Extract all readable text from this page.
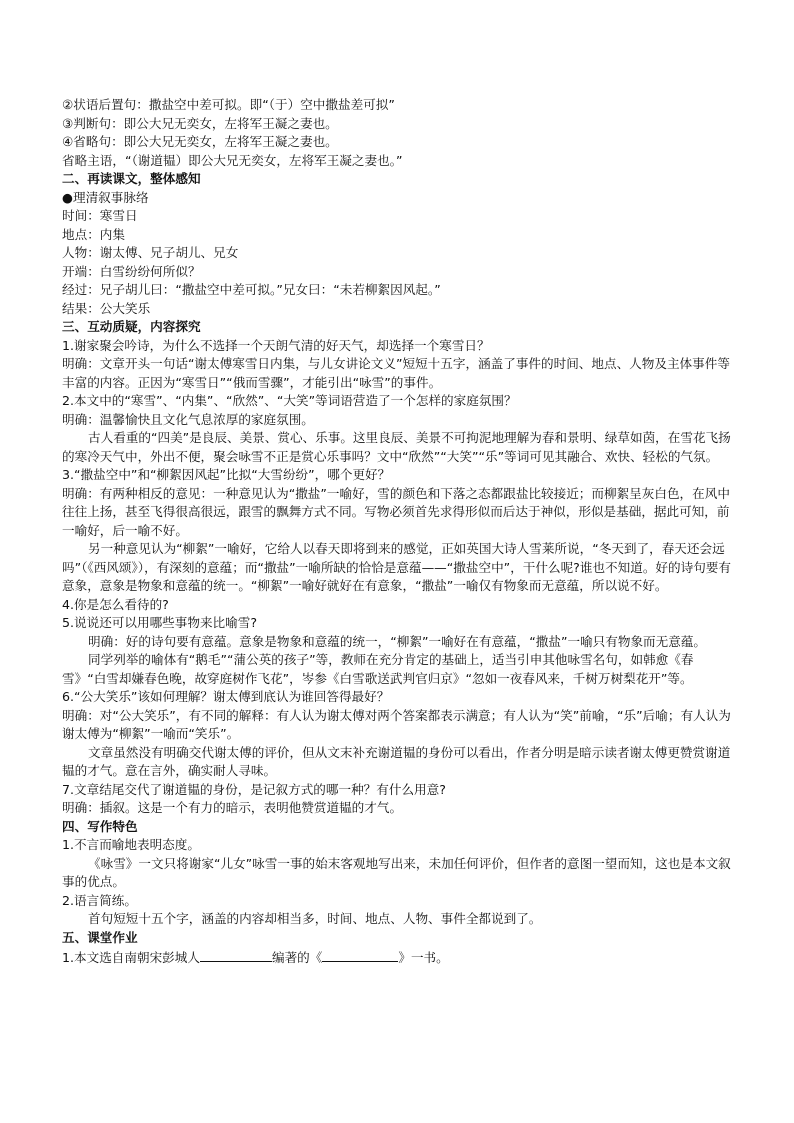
②状语后置句：撒盐空中差可拟。即“（于）空中撒盐差可拟”

③判断句：即公大兄无奕女，左将军王凝之妻也。

④省略句：即公大兄无奕女，左将军王凝之妻也。

省略主语，“（谢道韫）即公大兄无奕女，左将军王凝之妻也。”

二、再读课文，整体感知

●理清叙事脉络

时间：寒雪日

地点：内集

人物：谢太傅、兄子胡儿、兄女

开端：白雪纷纷何所似？

经过：兄子胡儿曰：“撒盐空中差可拟。”兄女曰：“未若柳絮因风起。”

结果：公大笑乐

三、互动质疑，内容探究

1.谢家聚会吟诗，为什么不选择一个天朗气清的好天气，却选择一个寒雪日？

明确：文章开头一句话“谢太傅寒雪日内集，与儿女讲论文义”短短十五字，涵盖了事件的时间、地点、人物及主体事件等丰富的内容。正因为“寒雪日”“俄而雪骤”，才能引出“咏雪”的事件。

2.本文中的“寒雪”、“内集”、“欣然”、“大笑”等词语营造了一个怎样的家庭氛围？

明确：温馨愉快且文化气息浓厚的家庭氛围。

古人看重的“四美”是良辰、美景、赏心、乐事。这里良辰、美景不可拘泥地理解为春和景明、绿草如茵，在雪花飞扬的寒冷天气中，外出不便，聚会咏雪不正是赏心乐事吗？文中“欣然”“大笑”“乐”等词可见其融合、欢快、轻松的气氛。

3.“撒盐空中”和“柳絮因风起”比拟“大雪纷纷”，哪个更好？

明确：有两种相反的意见：一种意见认为“撒盐”一喻好，雪的颜色和下落之态都跟盐比较接近；而柳絮呈灰白色，在风中往往上扬，甚至飞得很高很远，跟雪的飘舞方式不同。写物必须首先求得形似而后达于神似，形似是基础，据此可知，前一喻好，后一喻不好。

另一种意见认为“柳絮”一喻好，它给人以春天即将到来的感觉，正如英国大诗人雪莱所说，“冬天到了，春天还会远吗”（《西风颂》），有深刻的意蕴；而“撒盐”一喻所缺的恰恰是意蕴——“撒盐空中”，干什么呢?谁也不知道。好的诗句要有意象，意象是物象和意蕴的统一。“柳絮”一喻好就好在有意象，“撒盐”一喻仅有物象而无意蕴，所以说不好。

4.你是怎么看待的?

5.说说还可以用哪些事物来比喻雪?

明确：好的诗句要有意蕴。意象是物象和意蕴的统一，“柳絮”一喻好在有意蕴，“撒盐”一喻只有物象而无意蕴。

同学列举的喻体有“鹅毛”“蒲公英的孩子”等，教师在充分肯定的基础上，适当引申其他咏雪名句，如韩愈《春雪》“白雪却嫌春色晚，故穿庭树作飞花”，岑参《白雪歌送武判官归京》“忽如一夜春风来，千树万树梨花开”等。

6.“公大笑乐”该如何理解？谢太傅到底认为谁回答得最好？

明确：对“公大笑乐”，有不同的解释：有人认为谢太傅对两个答案都表示满意；有人认为“笑”前喻，“乐”后喻；有人认为谢太傅为“柳絮”一喻而“笑乐”。

文章虽然没有明确交代谢太傅的评价，但从文末补充谢道韫的身份可以看出，作者分明是暗示读者谢太傅更赞赏谢道韫的才气。意在言外，确实耐人寻味。

7.文章结尾交代了谢道韫的身份，是记叙方式的哪一种？有什么用意?

明确：插叙。这是一个有力的暗示，表明他赞赏道韫的才气。

四、写作特色

1.不言而喻地表明态度。

《咏雪》一文只将谢家“儿女”咏雪一事的始末客观地写出来，未加任何评价，但作者的意图一望而知，这也是本文叙事的优点。

2.语言简练。

首句短短十五个字，涵盖的内容却相当多，时间、地点、人物、事件全都说到了。

五、课堂作业

1.本文选自南朝宋彭城人	编著的《	》一书。
